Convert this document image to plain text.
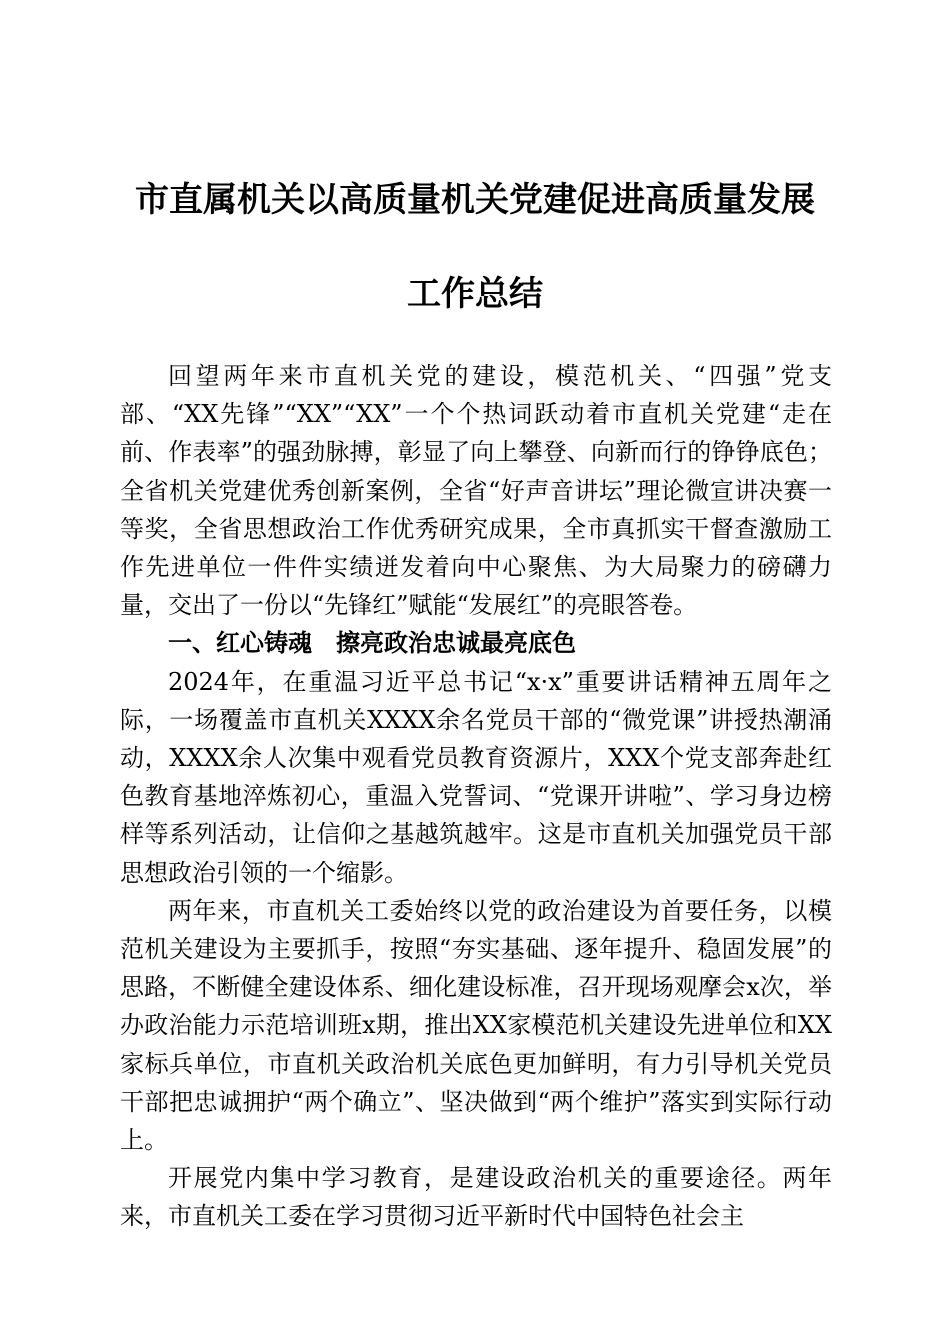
市直属机关以高质量机关党建促进高质量发展
工作总结

回望两年来市直机关党的建设，模范机关、“四强”党支部、“XX先锋”“XX”“XX”一个个热词跃动着市直机关党建“走在前、作表率”的强劲脉搏，彰显了向上攀登、向新而行的铮铮底色；全省机关党建优秀创新案例，全省“好声音讲坛”理论微宣讲决赛一等奖，全省思想政治工作优秀研究成果，全市真抓实干督查激励工作先进单位一件件实绩迸发着向中心聚焦、为大局聚力的磅礴力量，交出了一份以“先锋红”赋能“发展红”的亮眼答卷。

一、红心铸魂 擦亮政治忠诚最亮底色

2024年，在重温习近平总书记“x·x”重要讲话精神五周年之际，一场覆盖市直机关XXXX余名党员干部的“微党课”讲授热潮涌动，XXXX余人次集中观看党员教育资源片，XXX个党支部奔赴红色教育基地淬炼初心，重温入党誓词、“党课开讲啦”、学习身边榜样等系列活动，让信仰之基越筑越牢。这是市直机关加强党员干部思想政治引领的一个缩影。

两年来，市直机关工委始终以党的政治建设为首要任务，以模范机关建设为主要抓手，按照“夯实基础、逐年提升、稳固发展”的思路，不断健全建设体系、细化建设标准，召开现场观摩会x次，举办政治能力示范培训班x期，推出XX家模范机关建设先进单位和XX家标兵单位，市直机关政治机关底色更加鲜明，有力引导机关党员干部把忠诚拥护“两个确立”、坚决做到“两个维护”落实到实际行动上。

开展党内集中学习教育，是建设政治机关的重要途径。两年来，市直机关工委在学习贯彻习近平新时代中国特色社会主
